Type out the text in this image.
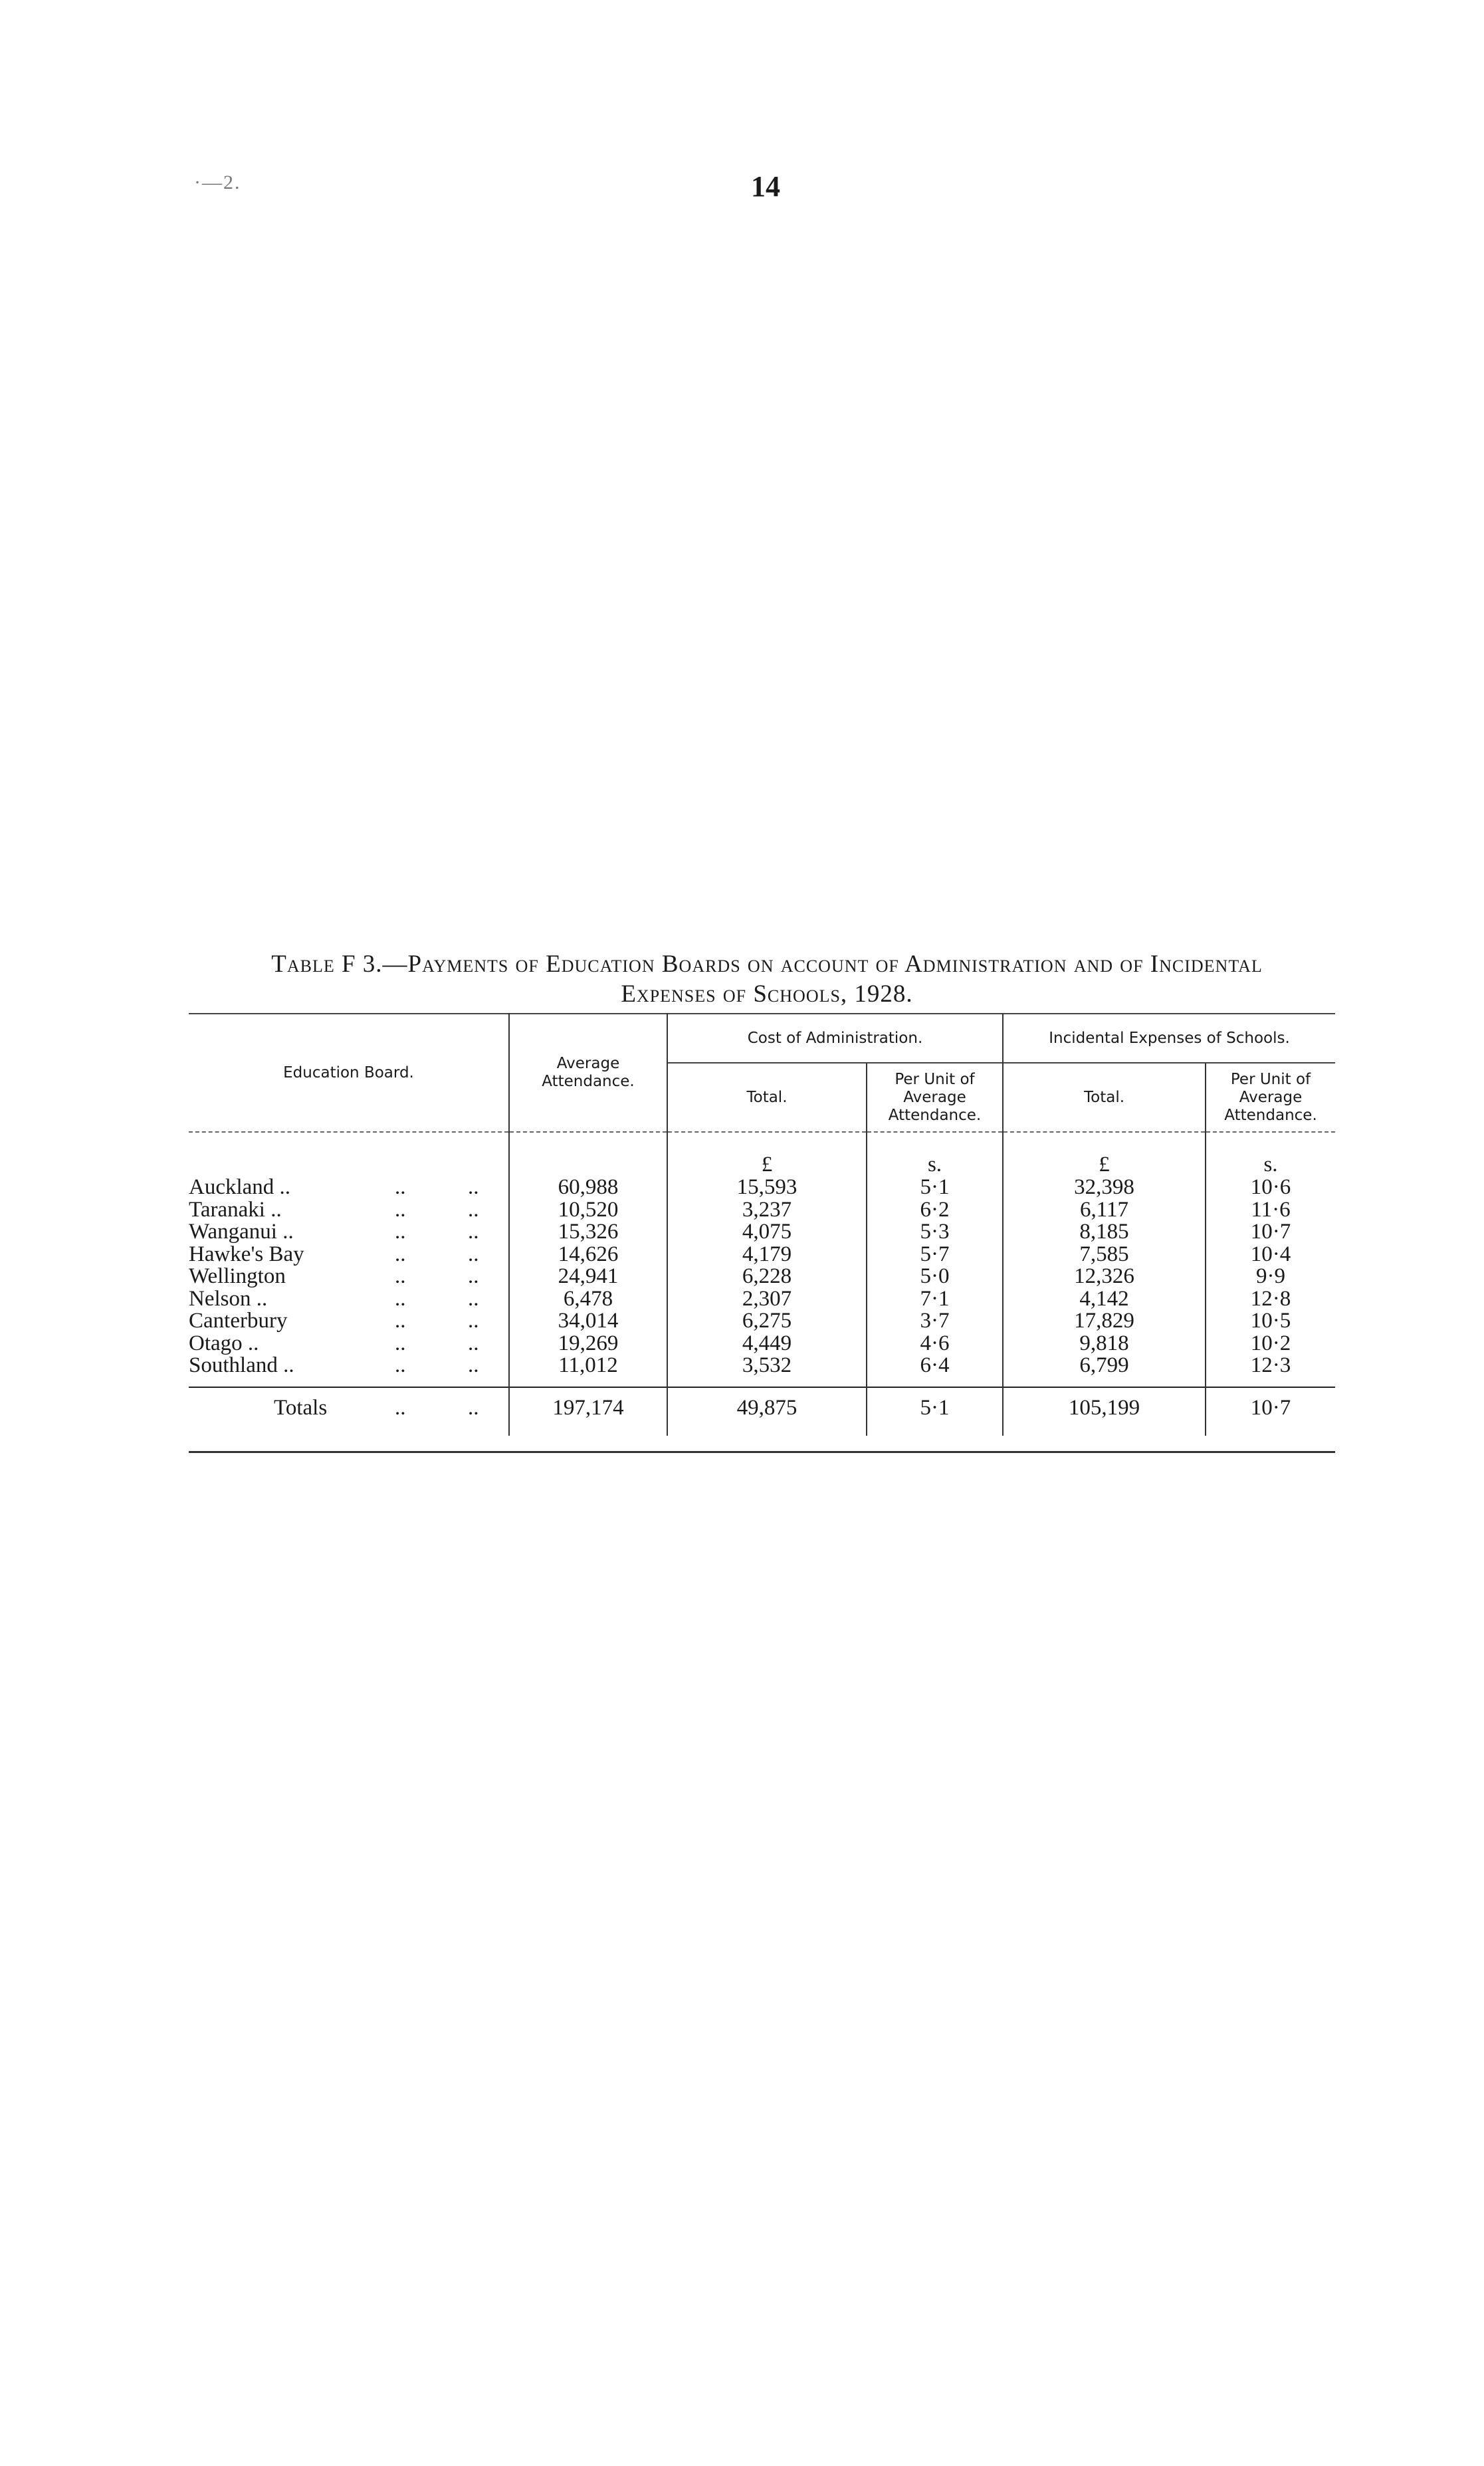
·—2.	14
Table F 3.—Payments of Education Boards on account of Administration and of Incidental
Expenses of Schools, 1928.
Education Board.	Average Attendance.	Cost of Administration.		Incidental Expenses of Schools.	
		Total.	Per Unit of Average Attendance.	Total.	Per Unit of Average Attendance.
		£	s.	£	s.
Auckland .. .. ..	60,988	15,593	5·1	32,398	10·6
Taranaki .. .. ..	10,520	3,237	6·2	6,117	11·6
Wanganui .. .. ..	15,326	4,075	5·3	8,185	10·7
Hawke's Bay .. ..	14,626	4,179	5·7	7,585	10·4
Wellington .. ..	24,941	6,228	5·0	12,326	9·9
Nelson .. .. ..	6,478	2,307	7·1	4,142	12·8
Canterbury .. ..	34,014	6,275	3·7	17,829	10·5
Otago .. .. ..	19,269	4,449	4·6	9,818	10·2
Southland .. .. ..	11,012	3,532	6·4	6,799	12·3
Totals .. ..	197,174	49,875	5·1	105,199	10·7
